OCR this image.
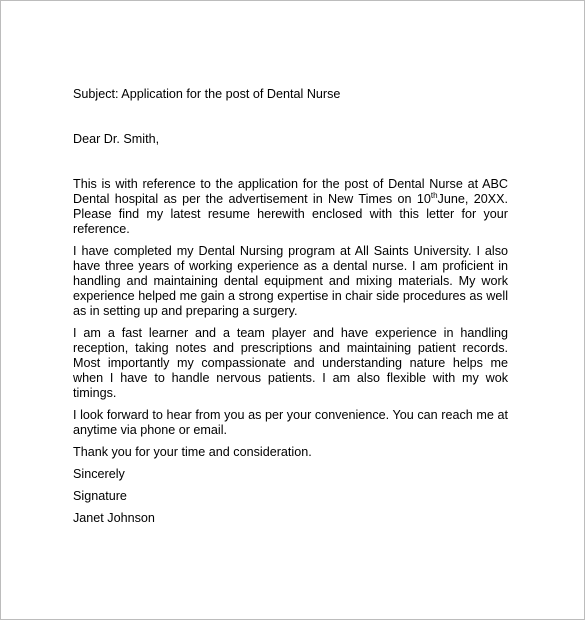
Subject: Application for the post of Dental Nurse

Dear Dr. Smith,

This is with reference to the application for the post of Dental Nurse at ABC Dental hospital as per the advertisement in New Times on 10thJune, 20XX. Please find my latest resume herewith enclosed with this letter for your reference.

I have completed my Dental Nursing program at All Saints University. I also have three years of working experience as a dental nurse. I am proficient in handling and maintaining dental equipment and mixing materials. My work experience helped me gain a strong expertise in chair side procedures as well as in setting up and preparing a surgery.

I am a fast learner and a team player and have experience in handling reception, taking notes and prescriptions and maintaining patient records. Most importantly my compassionate and understanding nature helps me when I have to handle nervous patients. I am also flexible with my wok timings.

I look forward to hear from you as per your convenience. You can reach me at anytime via phone or email.

Thank you for your time and consideration.

Sincerely

Signature

Janet Johnson
